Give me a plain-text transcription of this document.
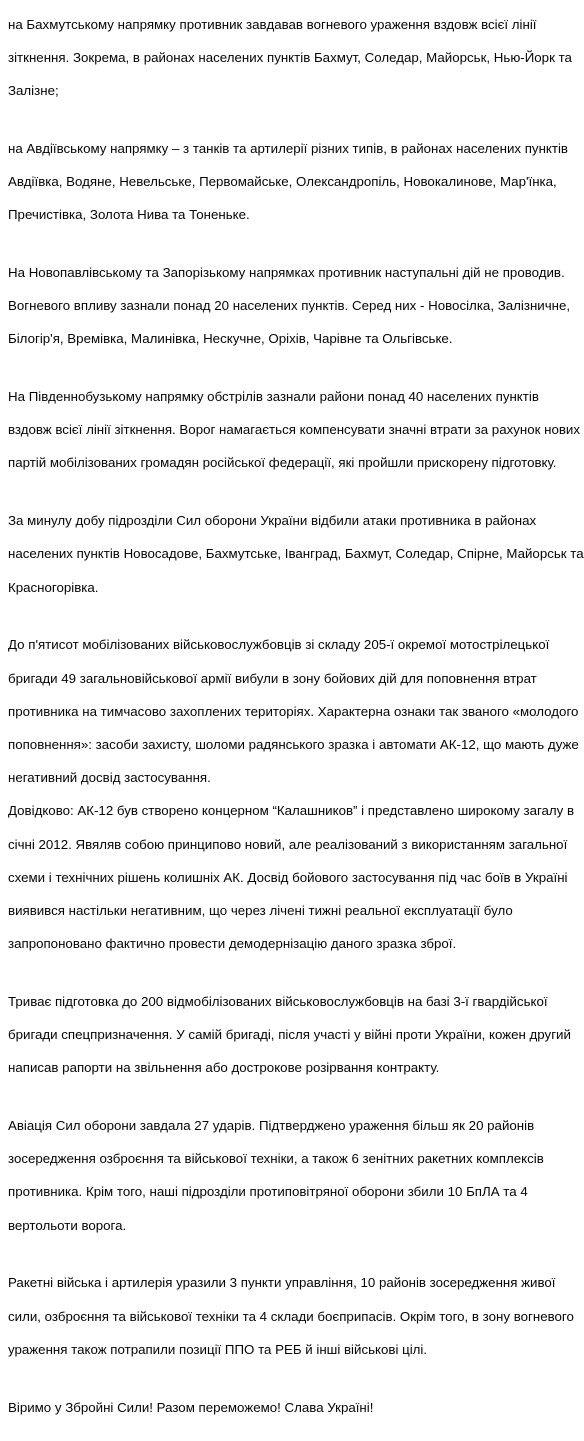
на Бахмутському напрямку противник завдавав вогневого ураження вздовж всієї лінії

зіткнення. Зокрема, в районах населених пунктів Бахмут, Соледар, Майорськ, Нью-Йорк та

Залізне;

на Авдіївському напрямку – з танків та артилерії різних типів, в районах населених пунктів

Авдіївка, Водяне, Невельське, Первомайське, Олександропіль, Новокалинове, Мар'їнка,

Пречистівка, Золота Нива та Тоненьке.

На Новопавлівському та Запорізькому напрямках противник наступальні дій не проводив.

Вогневого впливу зазнали понад 20 населених пунктів. Серед них - Новосілка, Залізничне,

Білогір'я, Времівка, Малинівка, Нескучне, Оріхів, Чарівне та Ольгівське.

На Південнобузькому напрямку обстрілів зазнали райони понад 40 населених пунктів

вздовж всієї лінії зіткнення. Ворог намагається компенсувати значні втрати за рахунок нових

партій мобілізованих громадян російської федерації, які пройшли прискорену підготовку.

За минулу добу підрозділи Сил оборони України відбили атаки противника в районах

населених пунктів Новосадове, Бахмутське, Іванград, Бахмут, Соледар, Спірне, Майорськ та

Красногорівка.

До п'ятисот мобілізованих військовослужбовців зі складу 205-ї окремої мотострілецької

бригади 49 загальновійськової армії вибули в зону бойових дій для поповнення втрат

противника на тимчасово захоплених територіях. Характерна ознаки так званого «молодого

поповнення»: засоби захисту, шоломи радянського зразка і автомати АК-12, що мають дуже

негативний досвід застосування.

Довідково: АК-12 був створено концерном “Калашников” і представлено широкому загалу в

січні 2012. Явяляв собою принципово новий, але реалізований з використанням загальної

схеми і технічних рішень колишніх АК. Досвід бойового застосування під час боїв в Україні

виявився настільки негативним, що через лічені тижні реальної експлуатації було

запропоновано фактично провести демодернізацію даного зразка зброї.

Триває підготовка до 200 відмобілізованих військовослужбовців на базі 3-ї гвардійської

бригади спецпризначення. У самій бригаді, після участі у війні проти України, кожен другий

написав рапорти на звільнення або дострокове розірвання контракту.

Авіація Сил оборони завдала 27 ударів. Підтверджено ураження більш як 20 районів

зосередження озброєння та військової техніки, а також 6 зенітних ракетних комплексів

противника. Крім того, наші підрозділи протиповітряної оборони збили 10 БпЛА та 4

вертольоти ворога.

Ракетні війська і артилерія уразили 3 пункти управління, 10 районів зосередження живої

сили, озброєння та військової техніки та 4 склади боєприпасів. Окрім того, в зону вогневого

ураження також потрапили позиції ППО та РЕБ й інші військові цілі.

Віримо у Збройні Сили! Разом переможемо! Слава Україні!
